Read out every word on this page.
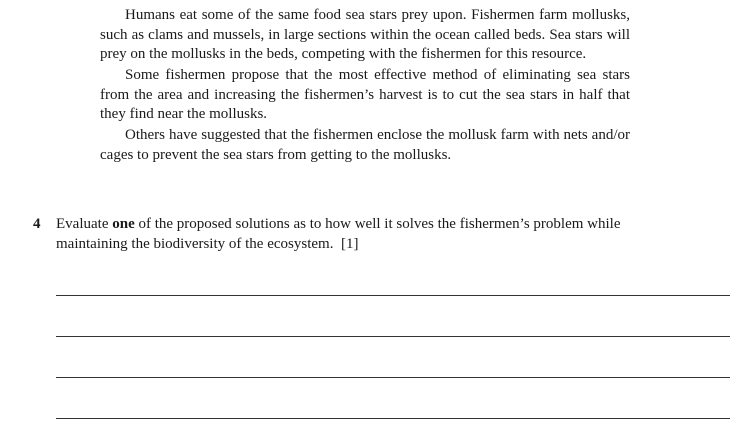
Humans eat some of the same food sea stars prey upon. Fishermen farm mollusks, such as clams and mussels, in large sections within the ocean called beds. Sea stars will prey on the mollusks in the beds, competing with the fishermen for this resource.

Some fishermen propose that the most effective method of eliminating sea stars from the area and increasing the fishermen’s harvest is to cut the sea stars in half that they find near the mollusks.

Others have suggested that the fishermen enclose the mollusk farm with nets and/or cages to prevent the sea stars from getting to the mollusks.

4	Evaluate one of the proposed solutions as to how well it solves the fishermen’s problem while maintaining the biodiversity of the ecosystem. [1]
